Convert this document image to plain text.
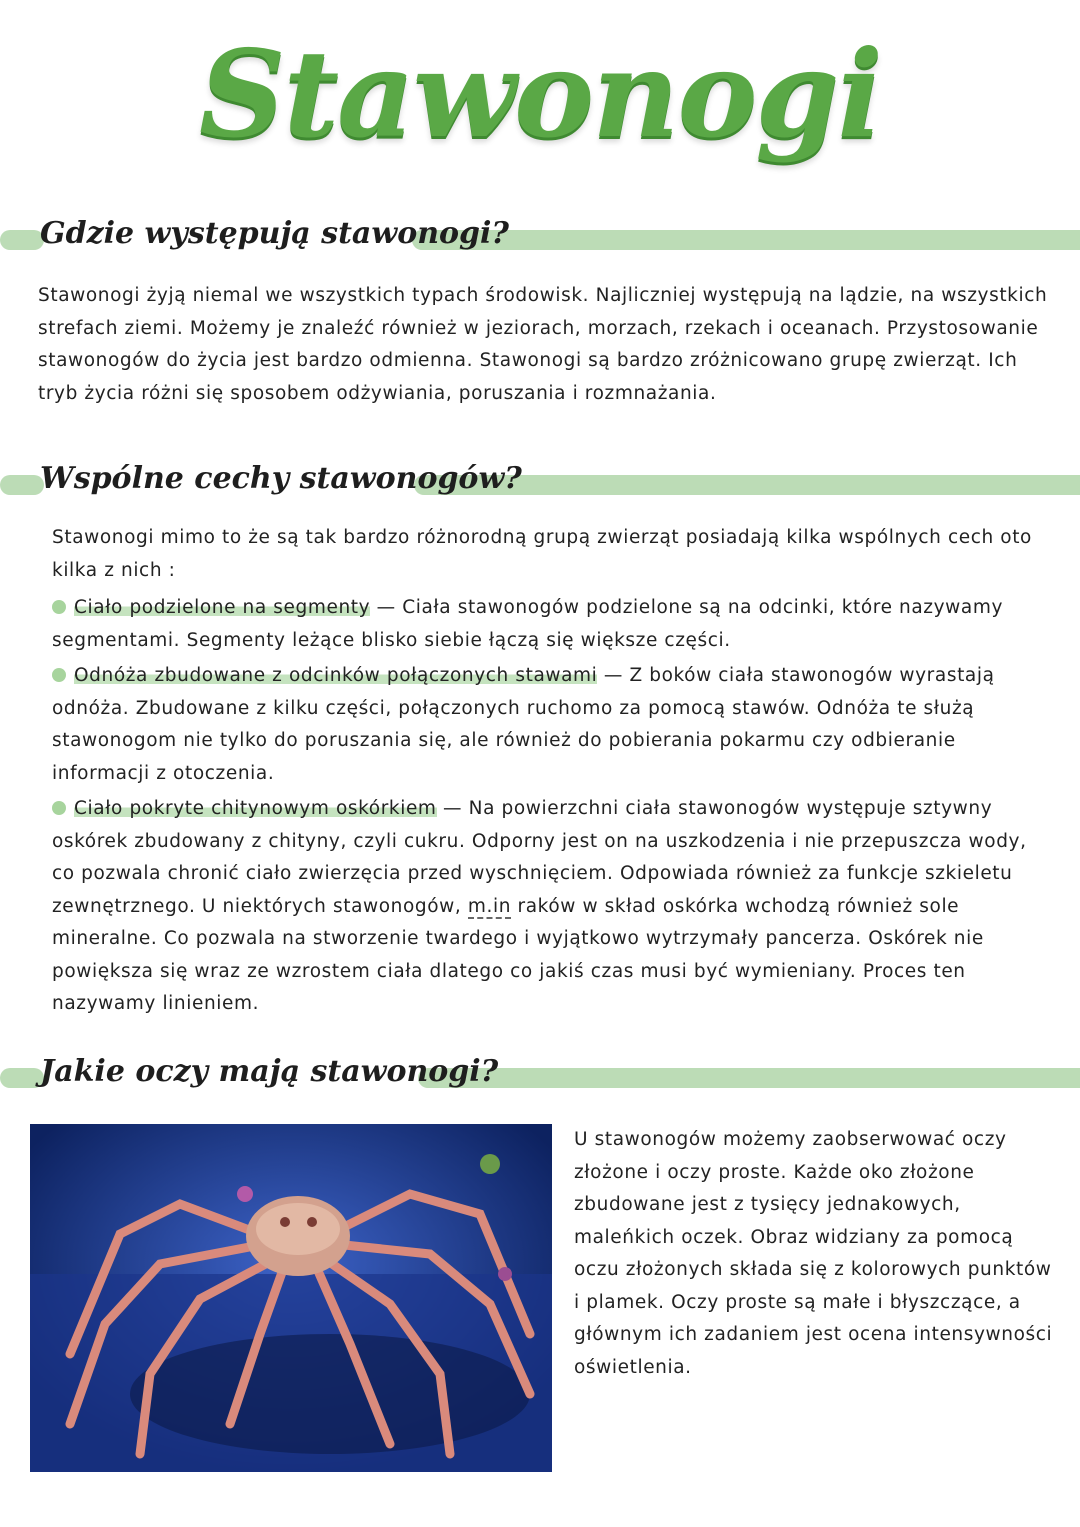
Stawonogi
Gdzie występują stawonogi?
Stawonogi żyją niemal we wszystkich typach środowisk. Najliczniej występują na lądzie, na wszystkich strefach ziemi. Możemy je znaleźć również w jeziorach, morzach, rzekach i oceanach. Przystosowanie stawonogów do życia jest bardzo odmienna. Stawonogi są bardzo zróżnicowano grupę zwierząt. Ich tryb życia różni się sposobem odżywiania, poruszania i rozmnażania.
Wspólne cechy stawonogów?
Stawonogi mimo to że są tak bardzo różnorodną grupą zwierząt posiadają kilka wspólnych cech oto kilka z nich :
Ciało podzielone na segmenty — Ciała stawonogów podzielone są na odcinki, które nazywamy segmentami. Segmenty leżące blisko siebie łączą się większe części.
Odnóża zbudowane z odcinków połączonych stawami — Z boków ciała stawonogów wyrastają odnóża. Zbudowane z kilku części, połączonych ruchomo za pomocą stawów. Odnóża te służą stawonogom nie tylko do poruszania się, ale również do pobierania pokarmu czy odbieranie informacji z otoczenia.
Ciało pokryte chitynowym oskórkiem — Na powierzchni ciała stawonogów występuje sztywny oskórek zbudowany z chityny, czyli cukru. Odporny jest on na uszkodzenia i nie przepuszcza wody, co pozwala chronić ciało zwierzęcia przed wyschnięciem. Odpowiada również za funkcje szkieletu zewnętrznego. U niektórych stawonogów, m.in raków w skład oskórka wchodzą również sole mineralne. Co pozwala na stworzenie twardego i wyjątkowo wytrzymały pancerza. Oskórek nie powiększa się wraz ze wzrostem ciała dlatego co jakiś czas musi być wymieniany. Proces ten nazywamy linieniem.
Jakie oczy mają stawonogi?
U stawonogów możemy zaobserwować oczy złożone i oczy proste. Każde oko złożone zbudowane jest z tysięcy jednakowych, maleńkich oczek. Obraz widziany za pomocą oczu złożonych składa się z kolorowych punktów i plamek. Oczy proste są małe i błyszczące, a głównym ich zadaniem jest ocena intensywności oświetlenia.
